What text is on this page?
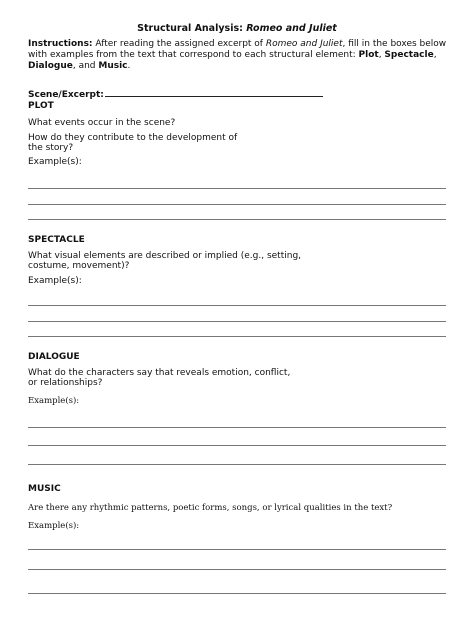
Structural Analysis: Romeo and Juliet
Instructions: After reading the assigned excerpt of Romeo and Juliet, fill in the boxes below with examples from the text that correspond to each structural element: Plot, Spectacle, Dialogue, and Music.
Scene/Excerpt:
PLOT
What events occur in the scene?
How do they contribute to the development of the story?
Example(s):
SPECTACLE
What visual elements are described or implied (e.g., setting, costume, movement)?
Example(s):
DIALOGUE
What do the characters say that reveals emotion, conflict, or relationships?
Example(s):
MUSIC
Are there any rhythmic patterns, poetic forms, songs, or lyrical qualities in the text?
Example(s):
